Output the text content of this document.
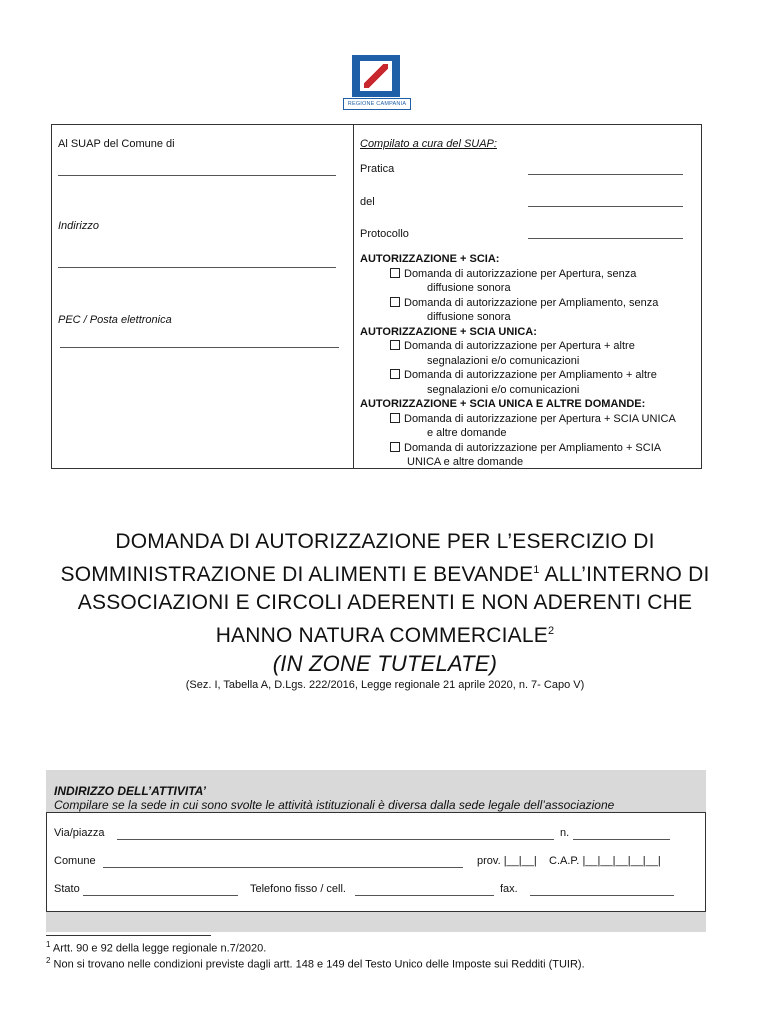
REGIONE CAMPANIA
Al SUAP del Comune di
Indirizzo
PEC / Posta elettronica
Compilato a cura del SUAP:
Pratica
del
Protocollo
AUTORIZZAZIONE + SCIA:
Domanda di autorizzazione per Apertura, senza
diffusione sonora
Domanda di autorizzazione per Ampliamento, senza
diffusione sonora
AUTORIZZAZIONE + SCIA UNICA:
Domanda di autorizzazione per Apertura + altre
segnalazioni e/o comunicazioni
Domanda di autorizzazione per Ampliamento + altre
segnalazioni e/o comunicazioni
AUTORIZZAZIONE + SCIA UNICA E ALTRE DOMANDE:
Domanda di autorizzazione per Apertura + SCIA UNICA
e altre domande
Domanda di autorizzazione per Ampliamento + SCIA
UNICA e altre domande
DOMANDA DI AUTORIZZAZIONE PER L’ESERCIZIO DI
SOMMINISTRAZIONE DI ALIMENTI E BEVANDE$^1$ ALL’INTERNO DI
ASSOCIAZIONI E CIRCOLI ADERENTI E NON ADERENTI CHE
HANNO NATURA COMMERCIALE$^2$
(IN ZONE TUTELATE)
(Sez. I, Tabella A, D.Lgs. 222/2016, Legge regionale 21 aprile 2020, n. 7- Capo V)
INDIRIZZO DELL’ATTIVITA’
Compilare se la sede in cui sono svolte le attività istituzionali è diversa dalla sede legale dell’associazione
Via/piazza	n.
Comune	prov. |__|__| C.A.P. |__|__|__|__|__|
Stato	Telefono fisso / cell.	fax.
$^1$ Artt. 90 e 92 della legge regionale n.7/2020.
$^2$ Non si trovano nelle condizioni previste dagli artt. 148 e 149 del Testo Unico delle Imposte sui Redditi (TUIR).
